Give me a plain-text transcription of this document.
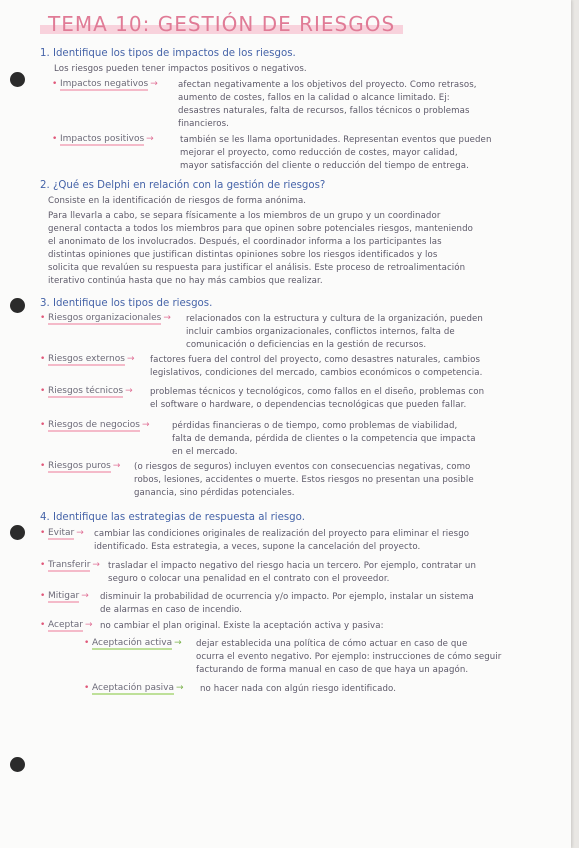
TEMA 10: GESTIÓN DE RIESGOS
1. Identifique los tipos de impactos de los riesgos.
Los riesgos pueden tener impactos positivos o negativos.
• Impactos negativos → afectan negativamente a los objetivos del proyecto. Como retrasos,
aumento de costes, fallos en la calidad o alcance limitado. Ej:
desastres naturales, falta de recursos, fallos técnicos o problemas
financieros.
• Impactos positivos →	también se les llama oportunidades. Representan eventos que pueden
mejorar el proyecto, como reducción de costes, mayor calidad,
mayor satisfacción del cliente o reducción del tiempo de entrega.
2. ¿Qué es Delphi en relación con la gestión de riesgos?
Consiste en la identificación de riesgos de forma anónima.
Para llevarla a cabo, se separa físicamente a los miembros de un grupo y un coordinador
general contacta a todos los miembros para que opinen sobre potenciales riesgos, manteniendo
el anonimato de los involucrados. Después, el coordinador informa a los participantes las
distintas opiniones que justifican distintas opiniones sobre los riesgos identificados y los
solicita que revalúen su respuesta para justificar el análisis. Este proceso de retroalimentación
iterativo continúa hasta que no hay más cambios que realizar.
3. Identifique los tipos de riesgos.
• Riesgos organizacionales → relacionados con la estructura y cultura de la organización, pueden
incluir cambios organizacionales, conflictos internos, falta de
comunicación o deficiencias en la gestión de recursos.
• Riesgos externos → factores fuera del control del proyecto, como desastres naturales, cambios
legislativos, condiciones del mercado, cambios económicos o competencia.
• Riesgos técnicos → problemas técnicos y tecnológicos, como fallos en el diseño, problemas con
el software o hardware, o dependencias tecnológicas que pueden fallar.
• Riesgos de negocios →	pérdidas financieras o de tiempo, como problemas de viabilidad,
falta de demanda, pérdida de clientes o la competencia que impacta
en el mercado.
• Riesgos puros → (o riesgos de seguros) incluyen eventos con consecuencias negativas, como
robos, lesiones, accidentes o muerte. Estos riesgos no presentan una posible
ganancia, sino pérdidas potenciales.
4. Identifique las estrategias de respuesta al riesgo.
• Evitar → cambiar las condiciones originales de realización del proyecto para eliminar el riesgo
identificado. Esta estrategia, a veces, supone la cancelación del proyecto.
• Transferir → trasladar el impacto negativo del riesgo hacia un tercero. Por ejemplo, contratar un
seguro o colocar una penalidad en el contrato con el proveedor.
• Mitigar → disminuir la probabilidad de ocurrencia y/o impacto. Por ejemplo, instalar un sistema
de alarmas en caso de incendio.
• Aceptar → no cambiar el plan original. Existe la aceptación activa y pasiva:
• Aceptación activa → dejar establecida una política de cómo actuar en caso de que
ocurra el evento negativo. Por ejemplo: instrucciones de cómo seguir
facturando de forma manual en caso de que haya un apagón.
• Aceptación pasiva → no hacer nada con algún riesgo identificado.
